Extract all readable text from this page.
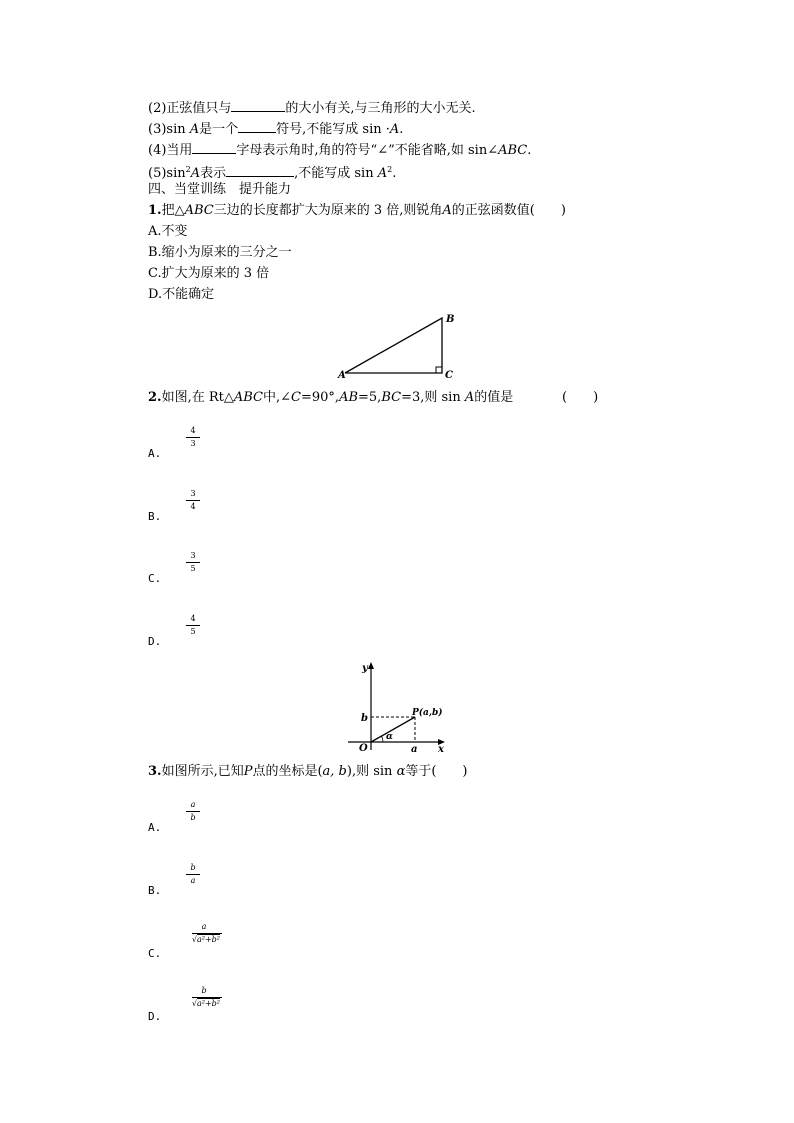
(2)正弦值只与	的大小有关,与三角形的大小无关.
(3)sin A是一个	符号,不能写成 sin ·A.
(4)当用	字母表示角时,角的符号“∠”不能省略,如 sin∠ABC.
$(5)\sin^2A$表示	,不能写成 $\sin A^2$.
四、当堂训练　提升能力
1.把△ABC三边的长度都扩大为原来的 3 倍,则锐角A的正弦函数值(　　)
A.不变
B.缩小为原来的三分之一
C.扩大为原来的 3 倍
D.不能确定
A
B
C
2.如图,在 Rt△ABC中,∠C=90°,AB=5,BC=3,则 sin A的值是	(　　)
4
3
A.
3
4
B.
3
5
C.
4
5
D.
y
x
O
b
a
α
P(a,b)
3.如图所示,已知P点的坐标是(a, b),则 sin α等于(　　)
a
b
A.
b
a
B.
a
√a²+b²
C.
b
√a²+b²
D.
